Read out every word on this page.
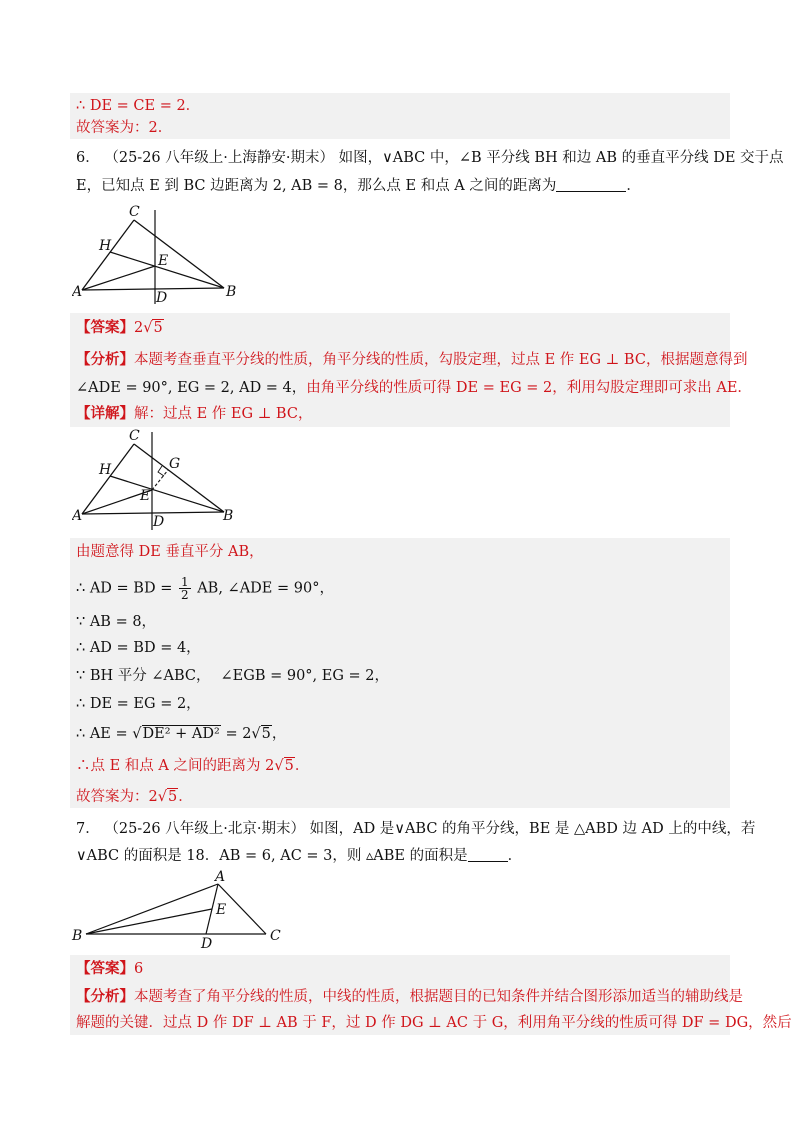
∴ DE = CE = 2．
故答案为：2．
6． （25-26 八年级上·上海静安·期末） 如图，∨ABC 中，∠B 平分线 BH 和边 AB 的垂直平分线 DE 交于点
E，已知点 E 到 BC 边距离为 2, AB = 8，那么点 E 和点 A 之间的距离为	．
C
H
E
A	D	B
【答案】2√5
【分析】本题考查垂直平分线的性质，角平分线的性质，勾股定理，过点 E 作 EG ⊥ BC，根据题意得到
∠ADE = 90°, EG = 2, AD = 4，由角平分线的性质可得 DE = EG = 2，利用勾股定理即可求出 AE．
【详解】解：过点 E 作 EG ⊥ BC，
C
H	G
E
A	D	B
由题意得 DE 垂直平分 AB，
∴ AD = BD = $\frac{1}{2}$ AB, ∠ADE = 90°，
∵ AB = 8，
∴ AD = BD = 4，
∵ BH 平分 ∠ABC， ∠EGB = 90°, EG = 2，
∴ DE = EG = 2，
∴ AE = √DE² + AD² = 2√5，
∴点 E 和点 A 之间的距离为 2√5．
故答案为：2√5．
7． （25-26 八年级上·北京·期末） 如图，AD 是∨ABC 的角平分线，BE 是 △ABD 边 AD 上的中线，若
∨ABC 的面积是 18．AB = 6, AC = 3，则 ▵ABE 的面积是	．
A
E
B	D	C
【答案】6
【分析】本题考查了角平分线的性质，中线的性质，根据题目的已知条件并结合图形添加适当的辅助线是
解题的关键．过点 D 作 DF ⊥ AB 于 F，过 D 作 DG ⊥ AC 于 G，利用角平分线的性质可得 DF = DG，然后
